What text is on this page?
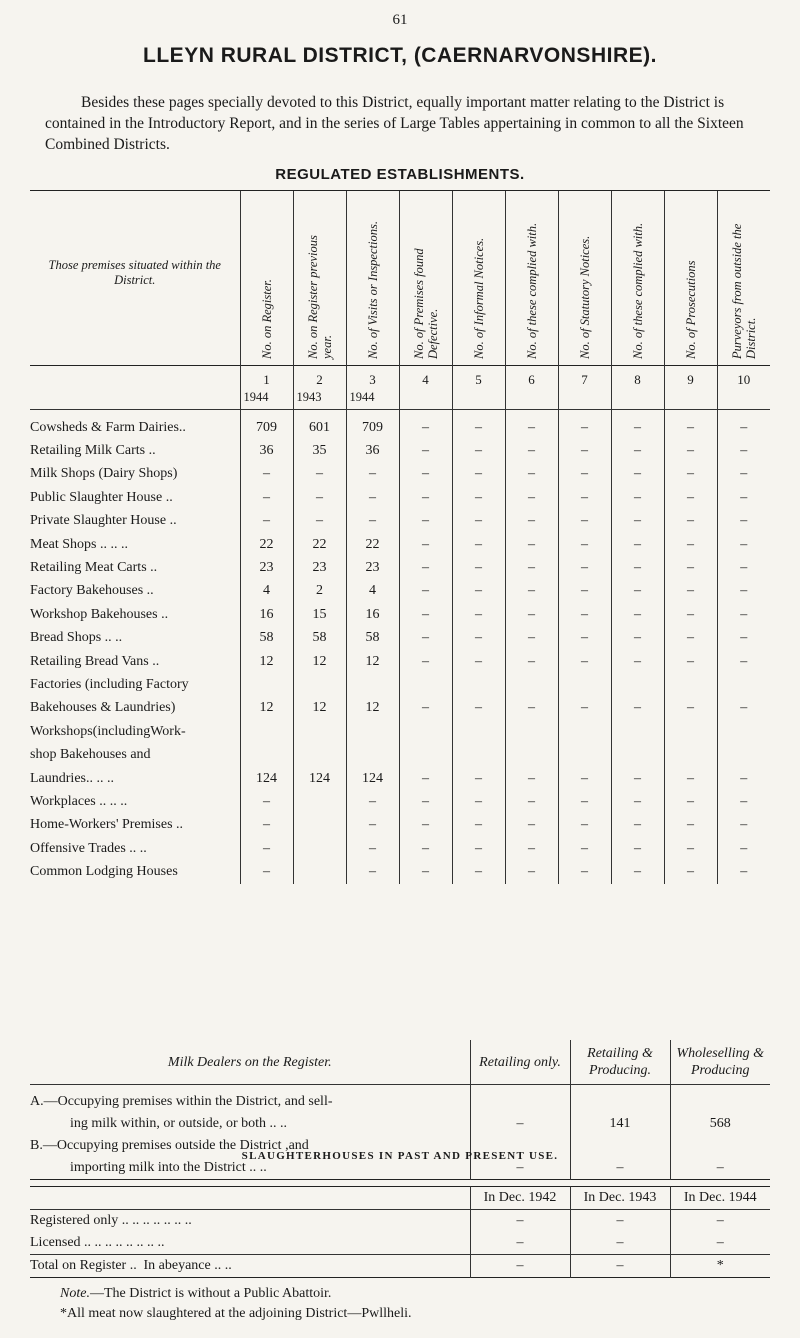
61
LLEYN RURAL DISTRICT, (CAERNARVONSHIRE).
Besides these pages specially devoted to this District, equally important matter relating to the District is contained in the Introductory Report, and in the series of Large Tables appertaining in common to all the Sixteen Combined Districts.
REGULATED ESTABLISHMENTS.
Those premises situated within the District.	No. on Register.	No. on Register previous year.	No. of Visits or Inspections.	No. of Premises found Defective.	No. of Informal Notices.	No. of these complied with.	No. of Statutory Notices.	No. of these complied with.	No. of Prosecutions	Purveyors from outside the District.

	1	2	3	4	5	6	7	8	9	10
	1944	1943	1944							
Cowsheds & Farm Dairies..	709	601	709	–	–	–	–	–	–	–
Retailing Milk Carts ..	36	35	36	–	–	–	–	–	–	–
Milk Shops (Dairy Shops)	–	–	–	–	–	–	–	–	–	–
Public Slaughter House ..	–	–	–	–	–	–	–	–	–	–
Private Slaughter House ..	–	–	–	–	–	–	–	–	–	–
Meat Shops .. .. ..	22	22	22	–	–	–	–	–	–	–
Retailing Meat Carts ..	23	23	23	–	–	–	–	–	–	–
Factory Bakehouses ..	4	2	4	–	–	–	–	–	–	–
Workshop Bakehouses ..	16	15	16	–	–	–	–	–	–	–
Bread Shops .. ..	58	58	58	–	–	–	–	–	–	–
Retailing Bread Vans ..	12	12	12	–	–	–	–	–	–	–
Factories (including Factory										
Bakehouses & Laundries)	12	12	12	–	–	–	–	–	–	–
Workshops(includingWork-										
shop Bakehouses and										
Laundries.. .. ..	124	124	124	–	–	–	–	–	–	–
Workplaces .. .. ..	–		–	–	–	–	–	–	–	–
Home-Workers' Premises ..	–		–	–	–	–	–	–	–	–
Offensive Trades .. ..	–		–	–	–	–	–	–	–	–
Common Lodging Houses	–		–	–	–	–	–	–	–	–
Milk Dealers on the Register.	Retailing only.	Retailing & Producing.	Wholeselling & Producing
A.—Occupying premises within the District, and sell-			
ing milk within, or outside, or both .. ..	–	141	568
B.—Occupying premises outside the District ,and			
importing milk into the District .. ..	–	–	–
SLAUGHTERHOUSES IN PAST AND PRESENT USE.
	In Dec. 1942	In Dec. 1943	In Dec. 1944
Registered only .. .. .. .. .. .. ..	–	–	–
Licensed .. .. .. .. .. .. .. ..	–	–	–
Total on Register .. In abeyance .. ..	–	–	*
Note.—The District is without a Public Abattoir.
*All meat now slaughtered at the adjoining District—Pwllheli.
